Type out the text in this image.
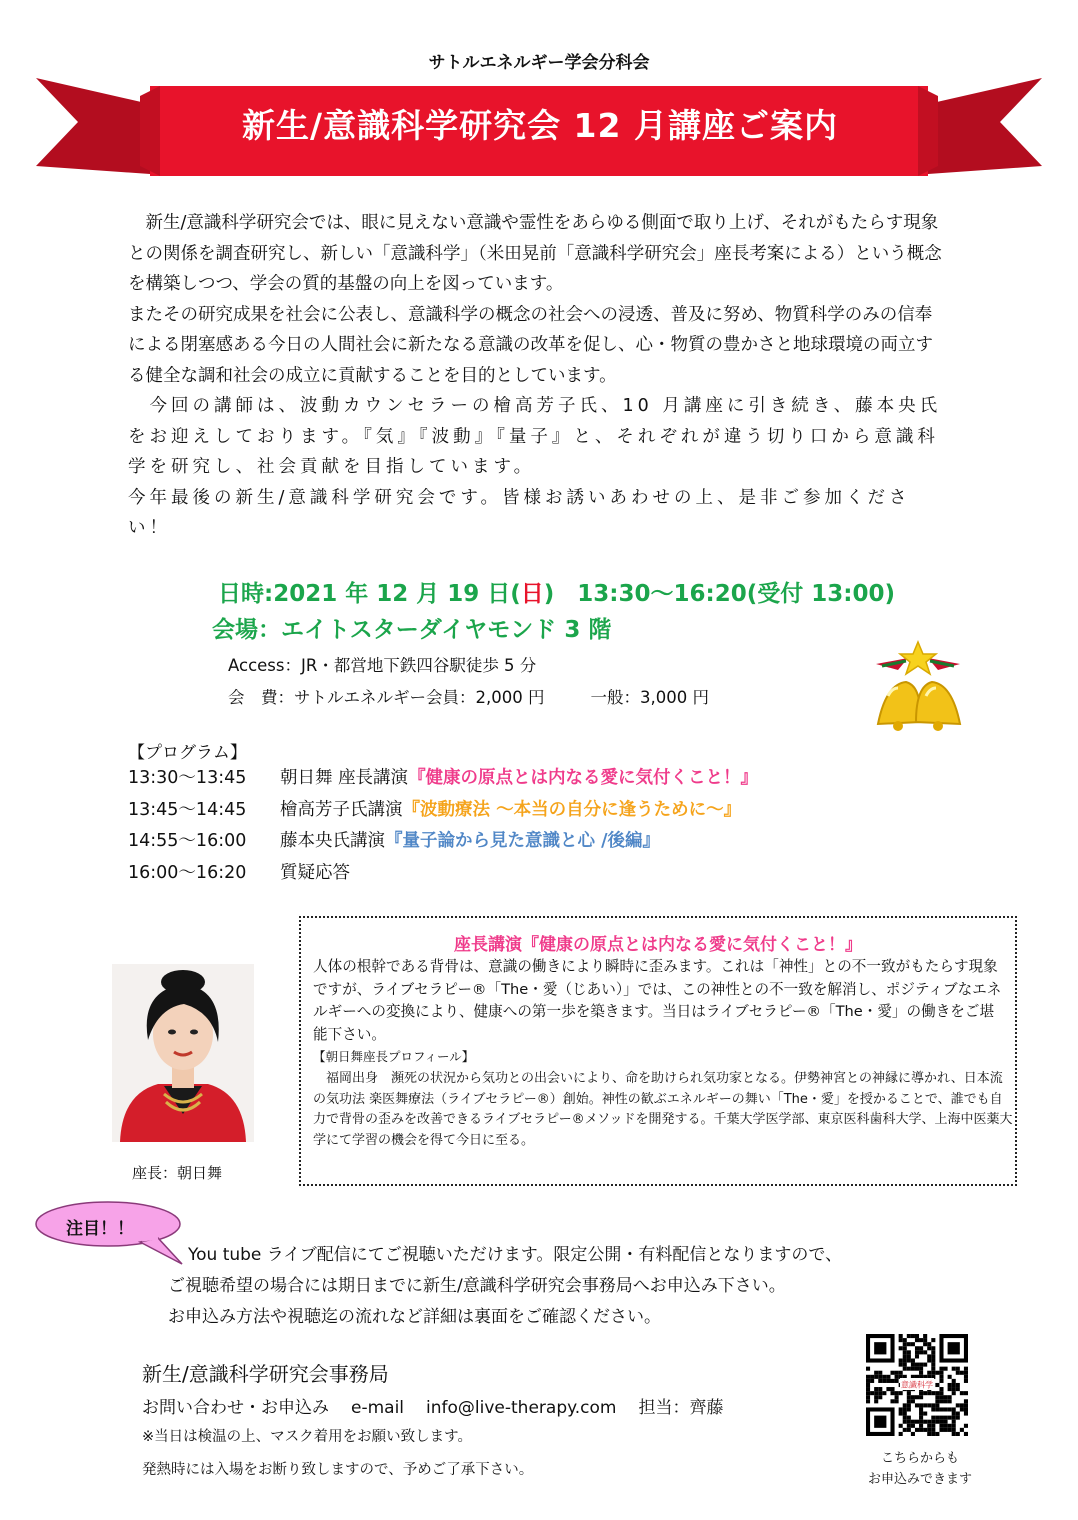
サトルエネルギー学会分科会
新生/意識科学研究会 12 月講座ご案内

　新生/意識科学研究会では、眼に見えない意識や霊性をあらゆる側面で取り上げ、それがもたらす現象との関係を調査研究し、新しい「意識科学」（米田晃前「意識科学研究会」座長考案による）という概念を構築しつつ、学会の質的基盤の向上を図っています。

またその研究成果を社会に公表し、意識科学の概念の社会への浸透、普及に努め、物質科学のみの信奉による閉塞感ある今日の人間社会に新たなる意識の改革を促し、心・物質の豊かさと地球環境の両立する健全な調和社会の成立に貢献することを目的としています。

　今回の講師は、波動カウンセラーの檜高芳子氏、10 月講座に引き続き、藤本央氏をお迎えしております。『気』『波動』『量子』と、それぞれが違う切り口から意識科学を研究し、社会貢献を目指しています。

今年最後の新生/意識科学研究会です。皆様お誘いあわせの上、是非ご参加ください！

日時:2021 年 12 月 19 日(日)　13:30～16:20(受付 13:00)
会場：エイトスターダイヤモンド 3 階
Access：JR・都営地下鉄四谷駅徒歩 5 分
会　費：サトルエネルギー会員：2,000 円	一般：3,000 円
【プログラム】
13:30～13:45 朝日舞 座長講演『健康の原点とは内なる愛に気付くこと！』
13:45～14:45 檜高芳子氏講演『波動療法 ～本当の自分に逢うために～』
14:55～16:00 藤本央氏講演『量子論から見た意識と心 /後編』
16:00～16:20 質疑応答
座長講演『健康の原点とは内なる愛に気付くこと！』
人体の根幹である背骨は、意識の働きにより瞬時に歪みます。これは「神性」との不一致がもたらす現象ですが、ライブセラピー®「The・愛（じあい）」では、この神性との不一致を解消し、ポジティブなエネルギーへの変換により、健康への第一歩を築きます。当日はライブセラピー®「The・愛」の働きをご堪能下さい。
【朝日舞座長プロフィール】
　福岡出身　瀕死の状況から気功との出会いにより、命を助けられ気功家となる。伊勢神宮との神縁に導かれ、日本流の気功法 楽医舞療法（ライブセラピー®）創始。神性の歓ぶエネルギーの舞い「The・愛」を授かることで、誰でも自力で背骨の歪みを改善できるライブセラピー®メソッドを開発する。千葉大学医学部、東京医科歯科大学、上海中医薬大学にて学習の機会を得て今日に至る。
座長：朝日舞
注目！！
You tube ライブ配信にてご視聴いただけます。限定公開・有料配信となりますので、
ご視聴希望の場合には期日までに新生/意識科学研究会事務局へお申込み下さい。
お申込み方法や視聴迄の流れなど詳細は裏面をご確認ください。
新生/意識科学研究会事務局
お問い合わせ・お申込み e-mail info@live-therapy.com 担当：齊藤
※当日は検温の上、マスク着用をお願い致します。
発熱時には入場をお断り致しますので、予めご了承下さい。
意識科学
こちらからも
お申込みできます
